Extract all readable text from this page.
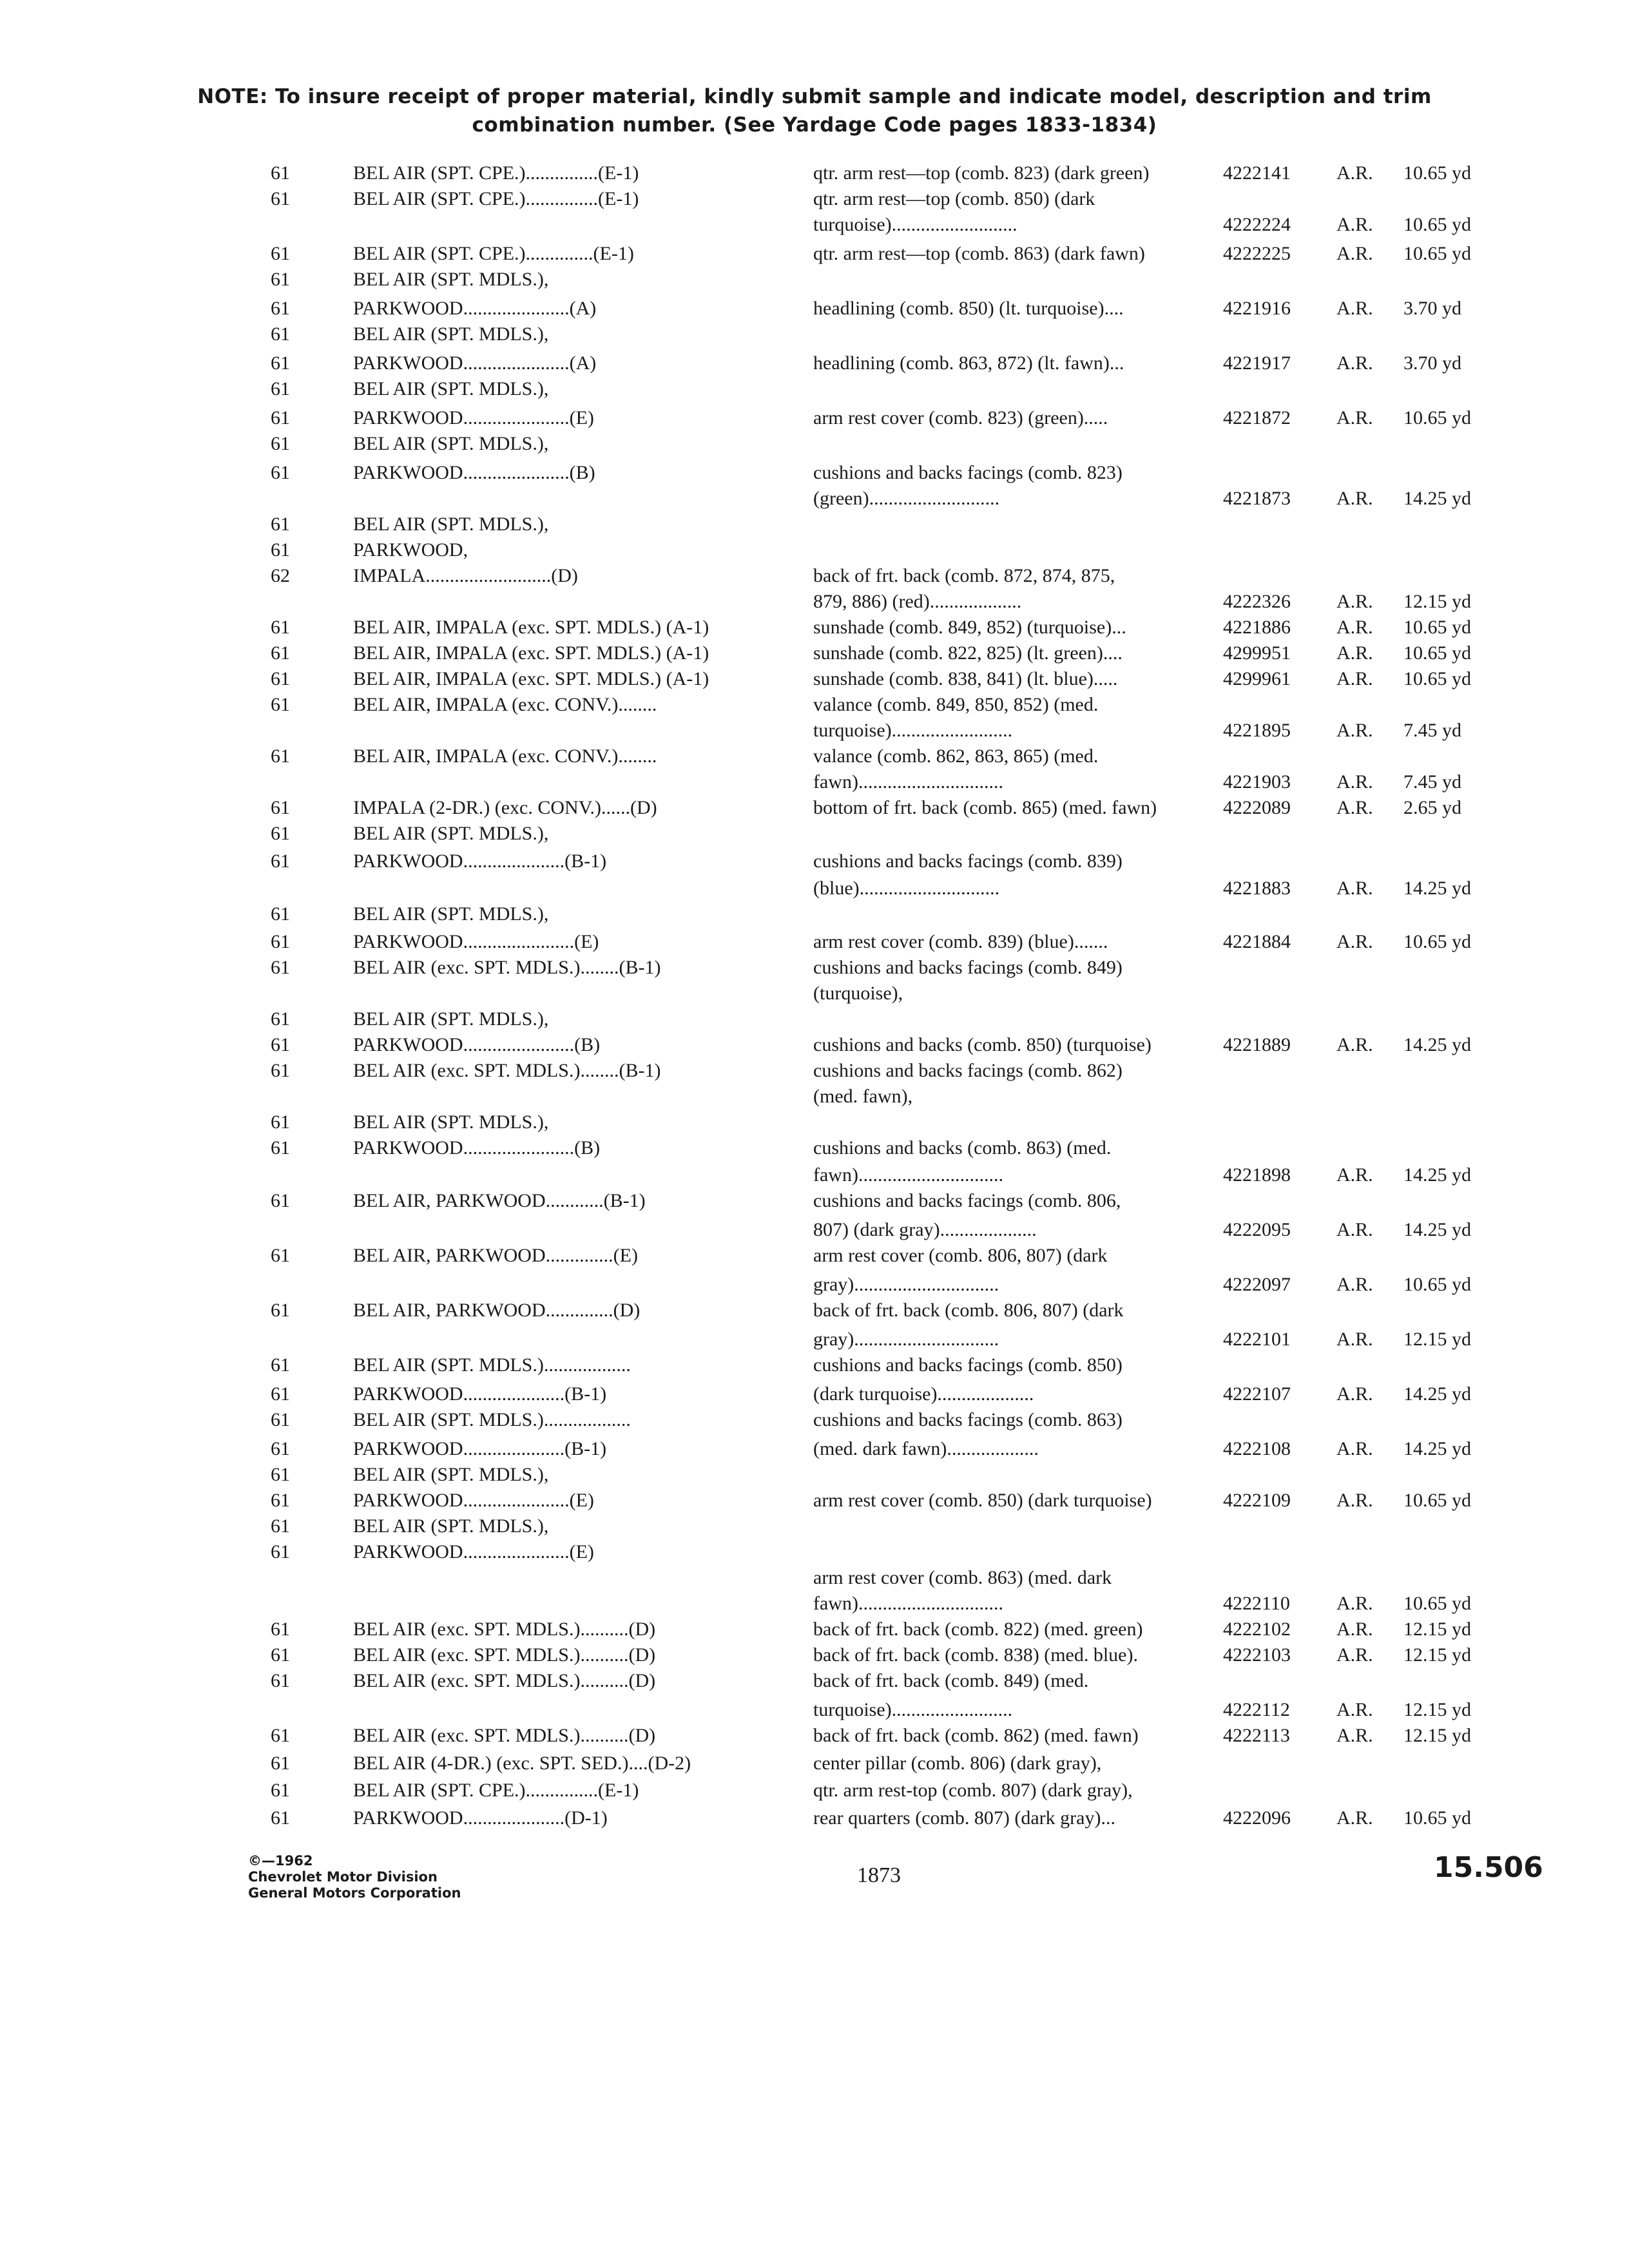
NOTE: To insure receipt of proper material, kindly submit sample and indicate model, description and trim
combination number. (See Yardage Code pages 1833-1834)
61	BEL AIR (SPT. CPE.)...............(E-1)	qtr. arm rest—top (comb. 823) (dark green)	4222141 A.R. 10.65 yd
61	BEL AIR (SPT. CPE.)...............(E-1)	qtr. arm rest—top (comb. 850) (dark
turquoise)..........................	4222224 A.R. 10.65 yd
61	BEL AIR (SPT. CPE.)..............(E-1)	qtr. arm rest—top (comb. 863) (dark fawn)	4222225 A.R. 10.65 yd
61	BEL AIR (SPT. MDLS.),
61	PARKWOOD......................(A)	headlining (comb. 850) (lt. turquoise)....	4221916 A.R. 3.70 yd
61	BEL AIR (SPT. MDLS.),
61	PARKWOOD......................(A)	headlining (comb. 863, 872) (lt. fawn)...	4221917 A.R. 3.70 yd
61	BEL AIR (SPT. MDLS.),
61	PARKWOOD......................(E)	arm rest cover (comb. 823) (green).....	4221872 A.R. 10.65 yd
61	BEL AIR (SPT. MDLS.),
61	PARKWOOD......................(B)	cushions and backs facings (comb. 823)
(green)...........................	4221873 A.R. 14.25 yd
61	BEL AIR (SPT. MDLS.),
61	PARKWOOD,
62	IMPALA..........................(D)	back of frt. back (comb. 872, 874, 875,
879, 886) (red)...................	4222326 A.R. 12.15 yd
61	BEL AIR, IMPALA (exc. SPT. MDLS.) (A-1)	sunshade (comb. 849, 852) (turquoise)...	4221886 A.R. 10.65 yd
61	BEL AIR, IMPALA (exc. SPT. MDLS.) (A-1)	sunshade (comb. 822, 825) (lt. green)....	4299951 A.R. 10.65 yd
61	BEL AIR, IMPALA (exc. SPT. MDLS.) (A-1)	sunshade (comb. 838, 841) (lt. blue).....	4299961 A.R. 10.65 yd
61	BEL AIR, IMPALA (exc. CONV.)........	valance (comb. 849, 850, 852) (med.
turquoise).........................	4221895 A.R. 7.45 yd
61	BEL AIR, IMPALA (exc. CONV.)........	valance (comb. 862, 863, 865) (med.
fawn)..............................	4221903 A.R. 7.45 yd
61	IMPALA (2-DR.) (exc. CONV.)......(D)	bottom of frt. back (comb. 865) (med. fawn)	4222089 A.R. 2.65 yd
61	BEL AIR (SPT. MDLS.),
61	PARKWOOD.....................(B-1)	cushions and backs facings (comb. 839)
(blue).............................	4221883 A.R. 14.25 yd
61	BEL AIR (SPT. MDLS.),
61	PARKWOOD.......................(E)	arm rest cover (comb. 839) (blue).......	4221884 A.R. 10.65 yd
61	BEL AIR (exc. SPT. MDLS.)........(B-1)	cushions and backs facings (comb. 849)
(turquoise),
61	BEL AIR (SPT. MDLS.),
61	PARKWOOD.......................(B)	cushions and backs (comb. 850) (turquoise)	4221889 A.R. 14.25 yd
61	BEL AIR (exc. SPT. MDLS.)........(B-1)	cushions and backs facings (comb. 862)
(med. fawn),
61	BEL AIR (SPT. MDLS.),
61	PARKWOOD.......................(B)	cushions and backs (comb. 863) (med.
fawn)..............................	4221898 A.R. 14.25 yd
61	BEL AIR, PARKWOOD............(B-1)	cushions and backs facings (comb. 806,
807) (dark gray)....................	4222095 A.R. 14.25 yd
61	BEL AIR, PARKWOOD..............(E)	arm rest cover (comb. 806, 807) (dark
gray)..............................	4222097 A.R. 10.65 yd
61	BEL AIR, PARKWOOD..............(D)	back of frt. back (comb. 806, 807) (dark
gray)..............................	4222101 A.R. 12.15 yd
61	BEL AIR (SPT. MDLS.)..................	cushions and backs facings (comb. 850)
61	PARKWOOD.....................(B-1)	(dark turquoise)....................	4222107 A.R. 14.25 yd
61	BEL AIR (SPT. MDLS.)..................	cushions and backs facings (comb. 863)
61	PARKWOOD.....................(B-1)	(med. dark fawn)...................	4222108 A.R. 14.25 yd
61	BEL AIR (SPT. MDLS.),
61	PARKWOOD......................(E)	arm rest cover (comb. 850) (dark turquoise)	4222109 A.R. 10.65 yd
61	BEL AIR (SPT. MDLS.),
61	PARKWOOD......................(E)
arm rest cover (comb. 863) (med. dark
fawn)..............................	4222110 A.R. 10.65 yd
61	BEL AIR (exc. SPT. MDLS.)..........(D)	back of frt. back (comb. 822) (med. green)	4222102 A.R. 12.15 yd
61	BEL AIR (exc. SPT. MDLS.)..........(D)	back of frt. back (comb. 838) (med. blue).	4222103 A.R. 12.15 yd
61	BEL AIR (exc. SPT. MDLS.)..........(D)	back of frt. back (comb. 849) (med.
turquoise).........................	4222112 A.R. 12.15 yd
61	BEL AIR (exc. SPT. MDLS.)..........(D)	back of frt. back (comb. 862) (med. fawn)	4222113 A.R. 12.15 yd
61	BEL AIR (4-DR.) (exc. SPT. SED.)....(D-2)	center pillar (comb. 806) (dark gray),
61	BEL AIR (SPT. CPE.)...............(E-1)	qtr. arm rest-top (comb. 807) (dark gray),
61	PARKWOOD.....................(D-1)	rear quarters (comb. 807) (dark gray)...	4222096 A.R. 10.65 yd
©—1962
Chevrolet Motor Division
General Motors Corporation
1873	15.506
